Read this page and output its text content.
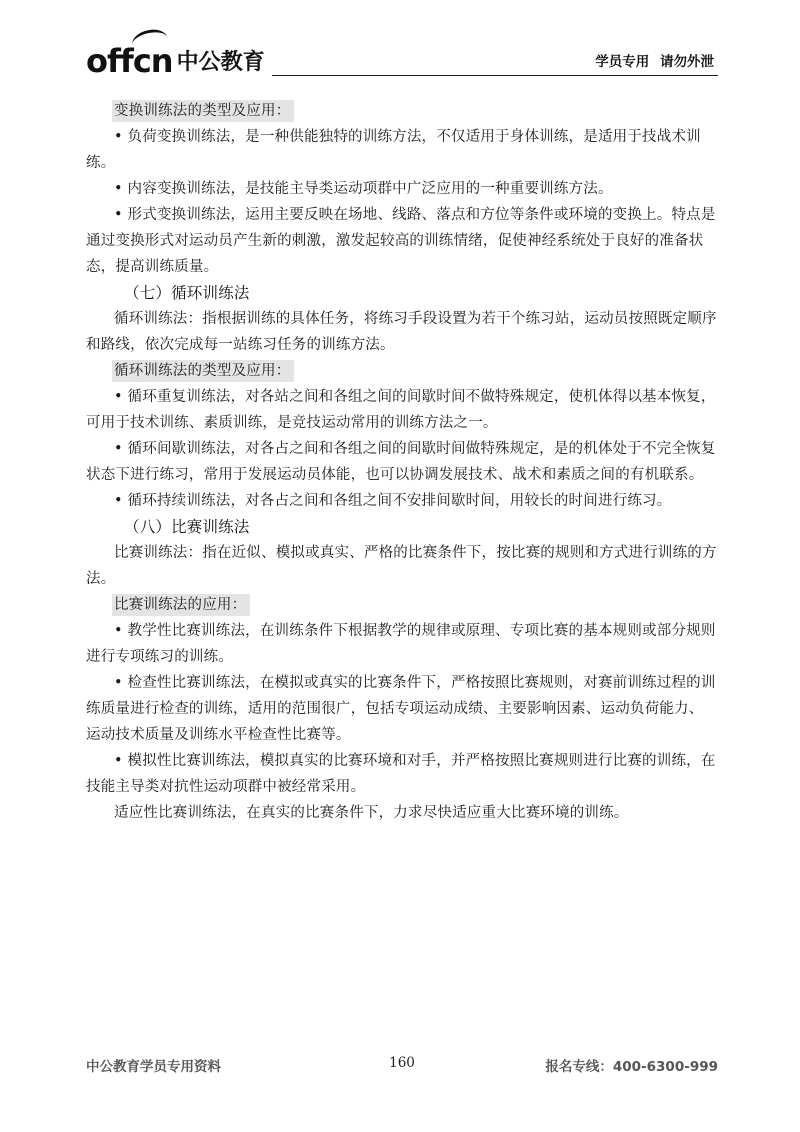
offcn 中公教育	学员专用 请勿外泄

变换训练法的类型及应用：

• 负荷变换训练法，是一种供能独特的训练方法，不仅适用于身体训练，是适用于技战术训练。

• 内容变换训练法，是技能主导类运动项群中广泛应用的一种重要训练方法。

• 形式变换训练法，运用主要反映在场地、线路、落点和方位等条件或环境的变换上。特点是通过变换形式对运动员产生新的刺激，激发起较高的训练情绪，促使神经系统处于良好的准备状态，提高训练质量。

（七）循环训练法

循环训练法：指根据训练的具体任务，将练习手段设置为若干个练习站，运动员按照既定顺序和路线，依次完成每一站练习任务的训练方法。

循环训练法的类型及应用：

• 循环重复训练法，对各站之间和各组之间的间歇时间不做特殊规定，使机体得以基本恢复，可用于技术训练、素质训练，是竞技运动常用的训练方法之一。

• 循环间歇训练法，对各占之间和各组之间的间歇时间做特殊规定，是的机体处于不完全恢复状态下进行练习，常用于发展运动员体能，也可以协调发展技术、战术和素质之间的有机联系。

• 循环持续训练法，对各占之间和各组之间不安排间歇时间，用较长的时间进行练习。

（八）比赛训练法

比赛训练法：指在近似、模拟或真实、严格的比赛条件下，按比赛的规则和方式进行训练的方法。

比赛训练法的应用：

• 教学性比赛训练法，在训练条件下根据教学的规律或原理、专项比赛的基本规则或部分规则进行专项练习的训练。

• 检查性比赛训练法，在模拟或真实的比赛条件下，严格按照比赛规则，对赛前训练过程的训练质量进行检查的训练，适用的范围很广，包括专项运动成绩、主要影响因素、运动负荷能力、运动技术质量及训练水平检查性比赛等。

• 模拟性比赛训练法，模拟真实的比赛环境和对手，并严格按照比赛规则进行比赛的训练，在技能主导类对抗性运动项群中被经常采用。

适应性比赛训练法，在真实的比赛条件下，力求尽快适应重大比赛环境的训练。

中公教育学员专用资料	160	报名专线：400-6300-999
